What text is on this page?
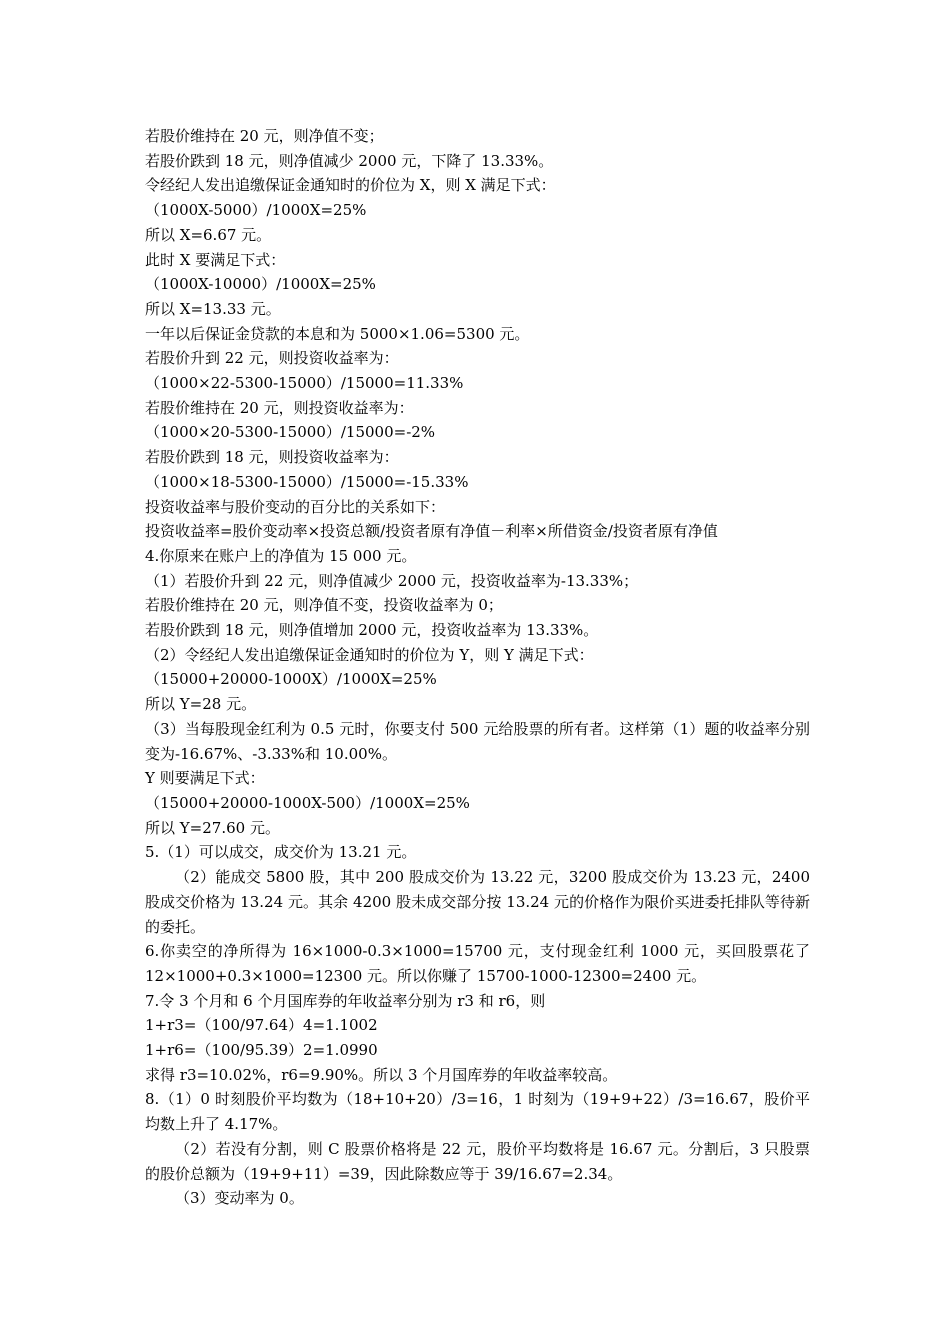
若股价维持在 20 元，则净值不变；

若股价跌到 18 元，则净值减少 2000 元，下降了 13.33%。

令经纪人发出追缴保证金通知时的价位为 X，则 X 满足下式：

（1000X-5000）/1000X=25%

所以 X=6.67 元。

此时 X 要满足下式：

（1000X-10000）/1000X=25%

所以 X=13.33 元。

一年以后保证金贷款的本息和为 5000×1.06=5300 元。

若股价升到 22 元，则投资收益率为：

（1000×22-5300-15000）/15000=11.33%

若股价维持在 20 元，则投资收益率为：

（1000×20-5300-15000）/15000=-2%

若股价跌到 18 元，则投资收益率为：

（1000×18-5300-15000）/15000=-15.33%

投资收益率与股价变动的百分比的关系如下：

投资收益率=股价变动率×投资总额/投资者原有净值－利率×所借资金/投资者原有净值

4.你原来在账户上的净值为 15 000 元。

（1）若股价升到 22 元，则净值减少 2000 元，投资收益率为-13.33%；

若股价维持在 20 元，则净值不变，投资收益率为 0；

若股价跌到 18 元，则净值增加 2000 元，投资收益率为 13.33%。

（2）令经纪人发出追缴保证金通知时的价位为 Y，则 Y 满足下式：

（15000+20000-1000X）/1000X=25%

所以 Y=28 元。

（3）当每股现金红利为 0.5 元时，你要支付 500 元给股票的所有者。这样第（1）题的收益率分别变为-16.67%、-3.33%和 10.00%。

Y 则要满足下式：

（15000+20000-1000X-500）/1000X=25%

所以 Y=27.60 元。

5.（1）可以成交，成交价为 13.21 元。

（2）能成交 5800 股，其中 200 股成交价为 13.22 元，3200 股成交价为 13.23 元，2400 股成交价格为 13.24 元。其余 4200 股未成交部分按 13.24 元的价格作为限价买进委托排队等待新的委托。

6.你卖空的净所得为 16×1000-0.3×1000=15700 元，支付现金红利 1000 元，买回股票花了 12×1000+0.3×1000=12300 元。所以你赚了 15700-1000-12300=2400 元。

7.令 3 个月和 6 个月国库券的年收益率分别为 r3 和 r6，则

1+r3=（100/97.64）4=1.1002

1+r6=（100/95.39）2=1.0990

求得 r3=10.02%，r6=9.90%。所以 3 个月国库券的年收益率较高。

8.（1）0 时刻股价平均数为（18+10+20）/3=16，1 时刻为（19+9+22）/3=16.67，股价平均数上升了 4.17%。

（2）若没有分割，则 C 股票价格将是 22 元，股价平均数将是 16.67 元。分割后，3 只股票的股价总额为（19+9+11）=39，因此除数应等于 39/16.67=2.34。

（3）变动率为 0。
